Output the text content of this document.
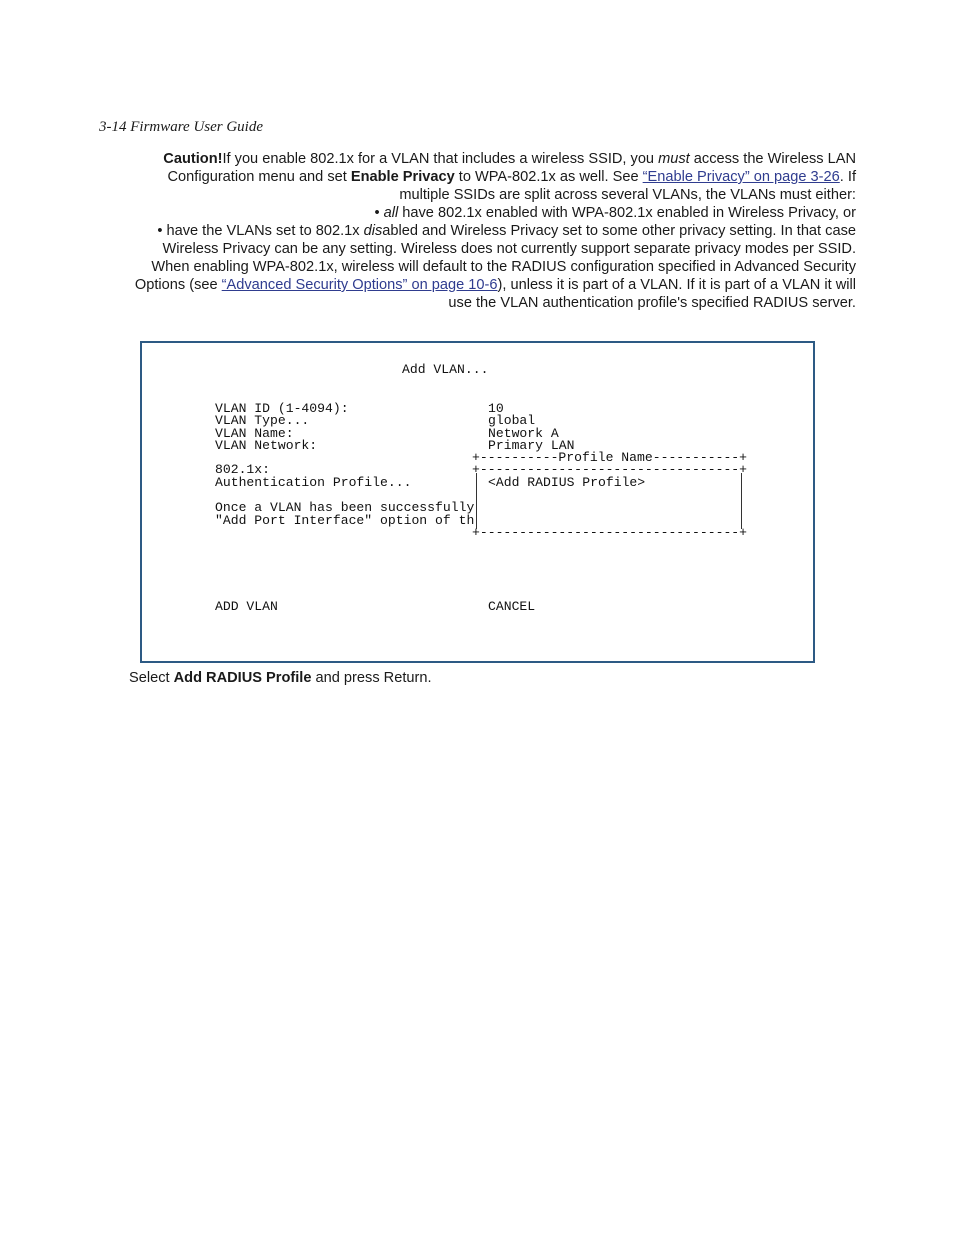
3-14 Firmware User Guide
Caution!If you enable 802.1x for a VLAN that includes a wireless SSID, you must access the Wireless LAN
Configuration menu and set Enable Privacy to WPA-802.1x as well. See “Enable Privacy” on page 3-26. If
multiple SSIDs are split across several VLANs, the VLANs must either:
• all have 802.1x enabled with WPA-802.1x enabled in Wireless Privacy, or
• have the VLANs set to 802.1x disabled and Wireless Privacy set to some other privacy setting. In that case
Wireless Privacy can be any setting. Wireless does not currently support separate privacy modes per SSID.
When enabling WPA-802.1x, wireless will default to the RADIUS configuration specified in Advanced Security
Options (see “Advanced Security Options” on page 10-6), unless it is part of a VLAN. If it is part of a VLAN it will
use the VLAN authentication profile's specified RADIUS server.
Add VLAN...
VLAN ID (1-4094):	10
VLAN Type...	global
VLAN Name:	Network A
VLAN Network:	Primary LAN
+----------Profile Name-----------+
802.1x:	+---------------------------------+
Authentication Profile...	<Add RADIUS Profile>
Once a VLAN has been successfully
"Add Port Interface" option of th
+---------------------------------+
ADD VLAN	CANCEL
Select Add RADIUS Profile and press Return.
